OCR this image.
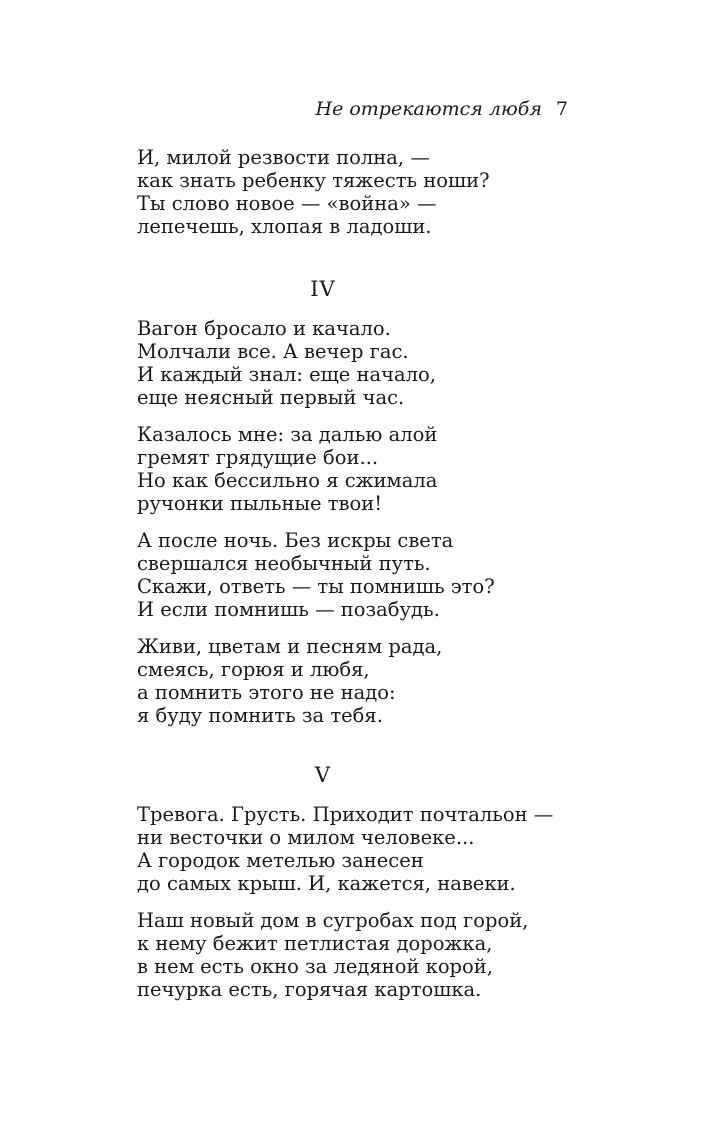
Не отрекаются любя 7
И, милой резвости полна, —
как знать ребенку тяжесть ноши?
Ты слово новое — «война» —
лепечешь, хлопая в ладоши.
IV
Вагон бросало и качало.
Молчали все. А вечер гас.
И каждый знал: еще начало,
еще неясный первый час.
Казалось мне: за далью алой
гремят грядущие бои...
Но как бессильно я сжимала
ручонки пыльные твои!
А после ночь. Без искры света
свершался необычный путь.
Скажи, ответь — ты помнишь это?
И если помнишь — позабудь.
Живи, цветам и песням рада,
смеясь, горюя и любя,
а помнить этого не надо:
я буду помнить за тебя.
V
Тревога. Грусть. Приходит почтальон —
ни весточки о милом человеке...
А городок метелью занесен
до самых крыш. И, кажется, навеки.
Наш новый дом в сугробах под горой,
к нему бежит петлистая дорожка,
в нем есть окно за ледяной корой,
печурка есть, горячая картошка.
